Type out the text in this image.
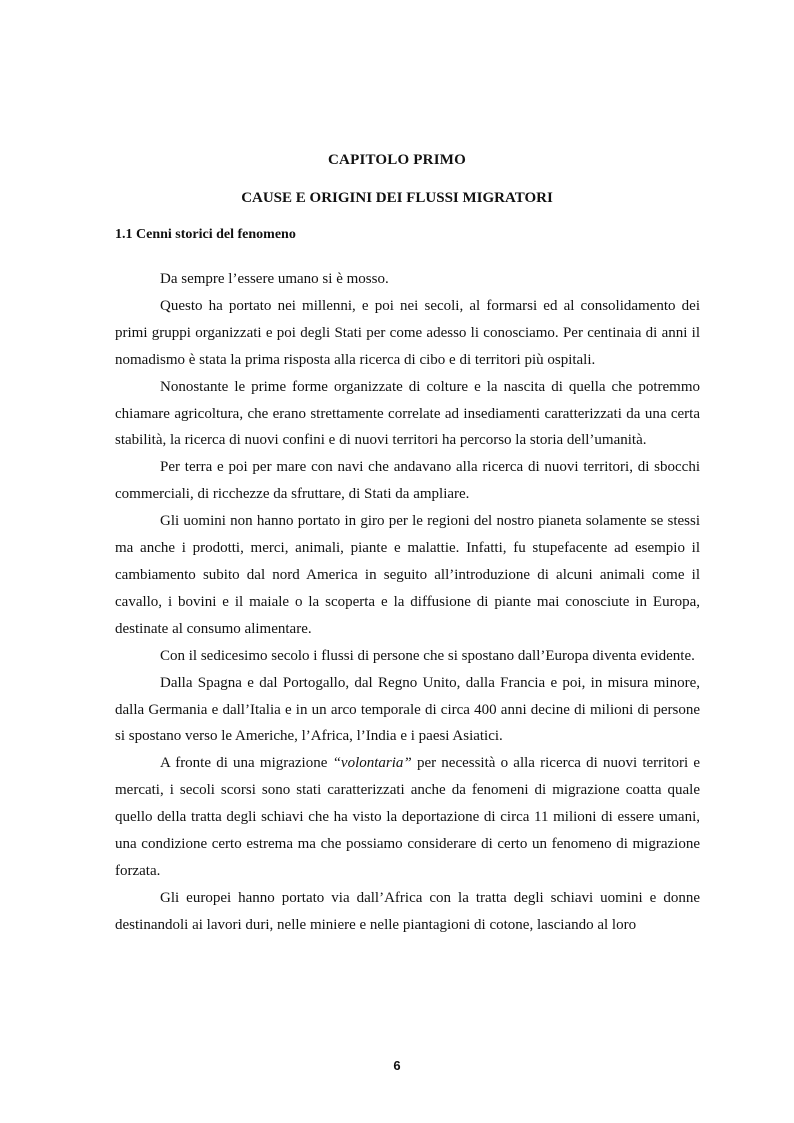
CAPITOLO PRIMO
CAUSE E ORIGINI DEI FLUSSI MIGRATORI
1.1 Cenni storici del fenomeno

Da sempre l’essere umano si è mosso.

Questo ha portato nei millenni, e poi nei secoli, al formarsi ed al consolidamento dei primi gruppi organizzati e poi degli Stati per come adesso li conosciamo. Per centinaia di anni il nomadismo è stata la prima risposta alla ricerca di cibo e di territori più ospitali.

Nonostante le prime forme organizzate di colture e la nascita di quella che potremmo chiamare agricoltura, che erano strettamente correlate ad insediamenti caratterizzati da una certa stabilità, la ricerca di nuovi confini e di nuovi territori ha percorso la storia dell’umanità.

Per terra e poi per mare con navi che andavano alla ricerca di nuovi territori, di sbocchi commerciali, di ricchezze da sfruttare, di Stati da ampliare.

Gli uomini non hanno portato in giro per le regioni del nostro pianeta solamente se stessi ma anche i prodotti, merci, animali, piante e malattie. Infatti, fu stupefacente ad esempio il cambiamento subito dal nord America in seguito all’introduzione di alcuni animali come il cavallo, i bovini e il maiale o la scoperta e la diffusione di piante mai conosciute in Europa, destinate al consumo alimentare.

Con il sedicesimo secolo i flussi di persone che si spostano dall’Europa diventa evidente.

Dalla Spagna e dal Portogallo, dal Regno Unito, dalla Francia e poi, in misura minore, dalla Germania e dall’Italia e in un arco temporale di circa 400 anni decine di milioni di persone si spostano verso le Americhe, l’Africa, l’India e i paesi Asiatici.

A fronte di una migrazione “volontaria” per necessità o alla ricerca di nuovi territori e mercati, i secoli scorsi sono stati caratterizzati anche da fenomeni di migrazione coatta quale quello della tratta degli schiavi che ha visto la deportazione di circa 11 milioni di essere umani, una condizione certo estrema ma che possiamo considerare di certo un fenomeno di migrazione forzata.

Gli europei hanno portato via dall’Africa con la tratta degli schiavi uomini e donne destinandoli ai lavori duri, nelle miniere e nelle piantagioni di cotone, lasciando al loro

6
